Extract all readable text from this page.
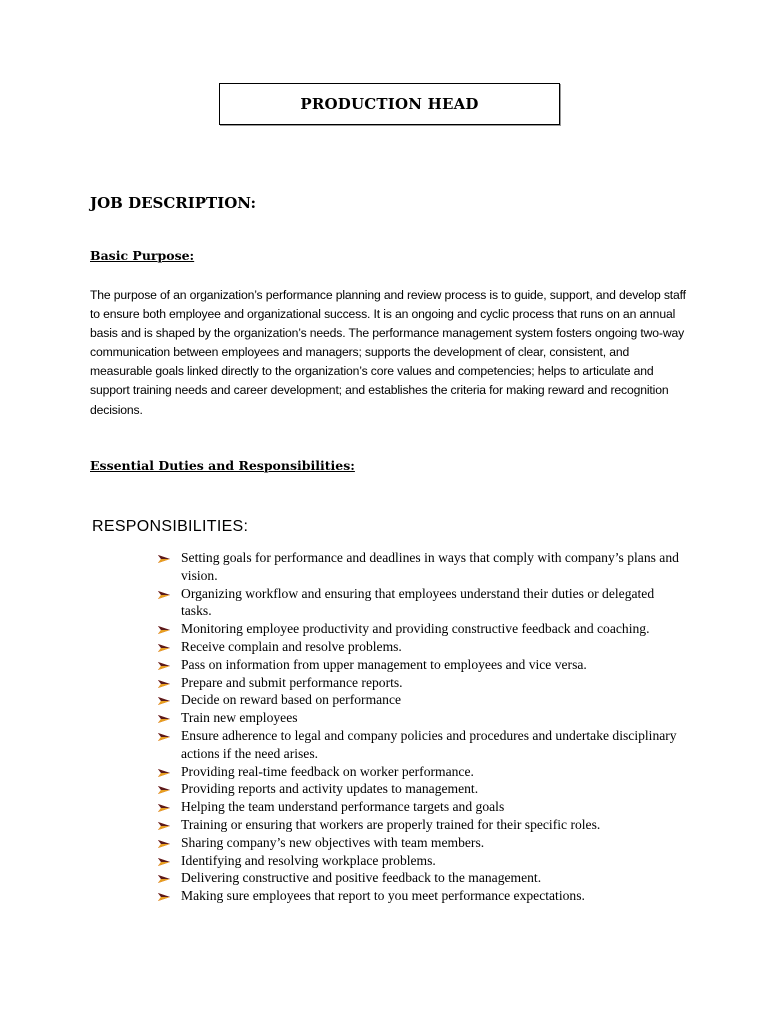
PRODUCTION HEAD
JOB DESCRIPTION:
Basic Purpose:
The purpose of an organization’s performance planning and review process is to guide, support, and develop staff to ensure both employee and organizational success. It is an ongoing and cyclic process that runs on an annual basis and is shaped by the organization’s needs. The performance management system fosters ongoing two-way communication between employees and managers; supports the development of clear, consistent, and measurable goals linked directly to the organization’s core values and competencies; helps to articulate and support training needs and career development; and establishes the criteria for making reward and recognition decisions.
Essential Duties and Responsibilities:
RESPONSIBILITIES:
Setting goals for performance and deadlines in ways that comply with company’s plans and vision.
Organizing workflow and ensuring that employees understand their duties or delegated tasks.
Monitoring employee productivity and providing constructive feedback and coaching.
Receive complain and resolve problems.
Pass on information from upper management to employees and vice versa.
Prepare and submit performance reports.
Decide on reward based on performance
Train new employees
Ensure adherence to legal and company policies and procedures and undertake disciplinary actions if the need arises.
Providing real-time feedback on worker performance.
Providing reports and activity updates to management.
Helping the team understand performance targets and goals
Training or ensuring that workers are properly trained for their specific roles.
Sharing company’s new objectives with team members.
Identifying and resolving workplace problems.
Delivering constructive and positive feedback to the management.
Making sure employees that report to you meet performance expectations.
